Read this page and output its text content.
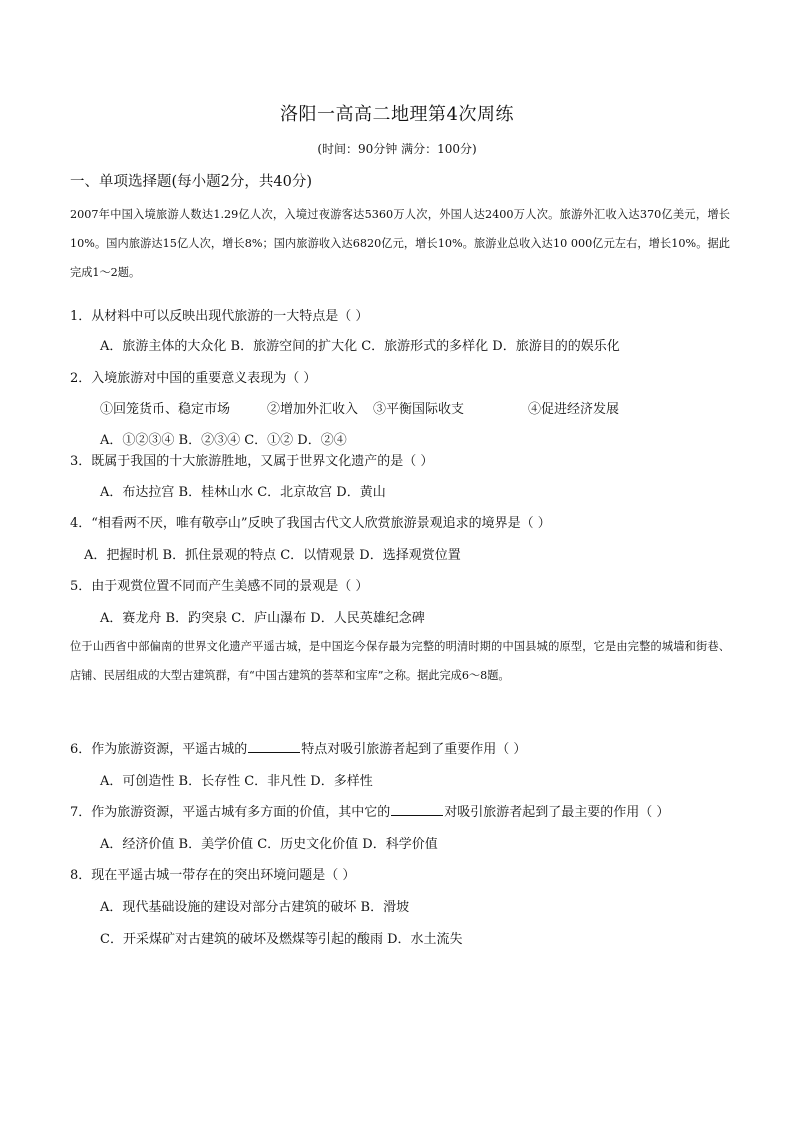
洛阳一高高二地理第4次周练
(时间：90分钟 满分：100分)
一、单项选择题(每小题2分，共40分)
2007年中国入境旅游人数达1.29亿人次，入境过夜游客达5360万人次，外国人达2400万人次。旅游外汇收入达370亿美元，增长10%。国内旅游达15亿人次，增长8%；国内旅游收入达6820亿元，增长10%。旅游业总收入达10 000亿元左右，增长10%。据此完成1～2题。
1．从材料中可以反映出现代旅游的一大特点是（ ）
A．旅游主体的大众化 B．旅游空间的扩大化 C．旅游形式的多样化 D．旅游目的的娱乐化
2．入境旅游对中国的重要意义表现为（ ）
①回笼货币、稳定市场	②增加外汇收入 ③平衡国际收支	④促进经济发展
A．①②③④ B．②③④ C．①② D．②④
3．既属于我国的十大旅游胜地，又属于世界文化遗产的是（ ）
A．布达拉宫 B．桂林山水 C．北京故宫 D．黄山
4．“相看两不厌，唯有敬亭山”反映了我国古代文人欣赏旅游景观追求的境界是（ ）
A．把握时机 B．抓住景观的特点 C．以情观景 D．选择观赏位置
5．由于观赏位置不同而产生美感不同的景观是（ ）
A．赛龙舟 B．趵突泉 C．庐山瀑布 D．人民英雄纪念碑
位于山西省中部偏南的世界文化遗产平遥古城，是中国迄今保存最为完整的明清时期的中国县城的原型，它是由完整的城墙和街巷、店铺、民居组成的大型古建筑群，有“中国古建筑的荟萃和宝库”之称。据此完成6～8题。
6．作为旅游资源，平遥古城的	特点对吸引旅游者起到了重要作用（ ）
A．可创造性 B．长存性 C．非凡性 D．多样性
7．作为旅游资源，平遥古城有多方面的价值，其中它的	对吸引旅游者起到了最主要的作用（ ）
A．经济价值 B．美学价值 C．历史文化价值 D．科学价值
8．现在平遥古城一带存在的突出环境问题是（ ）
A．现代基础设施的建设对部分古建筑的破坏 B．滑坡
C．开采煤矿对古建筑的破坏及燃煤等引起的酸雨 D．水土流失
